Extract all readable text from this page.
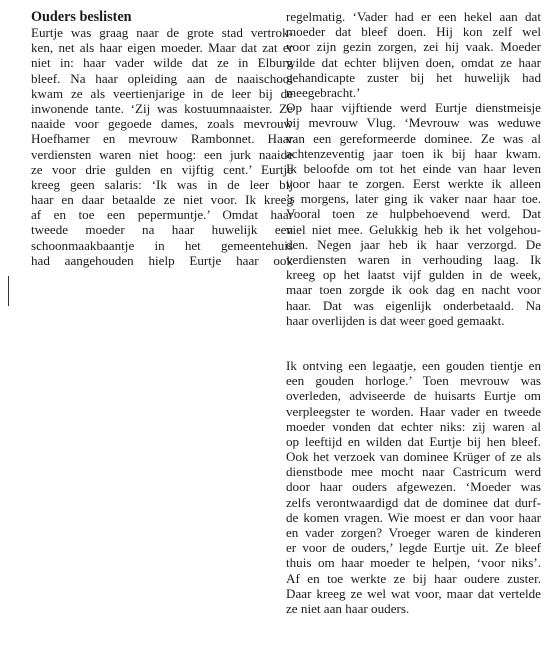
Ouders beslisten
Eurtje was graag naar de grote stad vertrok-
ken, net als haar eigen moeder. Maar dat zat er
niet in: haar vader wilde dat ze in Elburg
bleef. Na haar opleiding aan de naaischool
kwam ze als veertienjarige in de leer bij de
inwonende tante. ‘Zij was kostuumnaaister. Ze
naaide voor gegoede dames, zoals mevrouw
Hoefhamer en mevrouw Rambonnet. Haar
verdiensten waren niet hoog: een jurk naaide
ze voor drie gulden en vijftig cent.’ Eurtje
kreeg geen salaris: ‘Ik was in de leer bij
haar en daar betaalde ze niet voor. Ik kreeg
af en toe een pepermuntje.’ Omdat haar
tweede moeder na haar huwelijk een
schoonmaakbaantje in het gemeentehuis
had aangehouden hielp Eurtje haar ook
regelmatig. ‘Vader had er een hekel aan dat
moeder dat bleef doen. Hij kon zelf wel
voor zijn gezin zorgen, zei hij vaak. Moeder
wilde dat echter blijven doen, omdat ze haar
gehandicapte zuster bij het huwelijk had
meegebracht.’
Op haar vijftiende werd Eurtje dienstmeisje
bij mevrouw Vlug. ‘Mevrouw was weduwe
van een gereformeerde dominee. Ze was al
achtenzeventig jaar toen ik bij haar kwam.
Ik beloofde om tot het einde van haar leven
voor haar te zorgen. Eerst werkte ik alleen
’s morgens, later ging ik vaker naar haar toe.
Vooral toen ze hulpbehoevend werd. Dat
viel niet mee. Gelukkig heb ik het volgehou-
den. Negen jaar heb ik haar verzorgd. De
verdiensten waren in verhouding laag. Ik
kreeg op het laatst vijf gulden in de week,
maar toen zorgde ik ook dag en nacht voor
haar. Dat was eigenlijk onderbetaald. Na
haar overlijden is dat weer goed gemaakt.
Ik ontving een legaatje, een gouden tientje en
een gouden horloge.’ Toen mevrouw was
overleden, adviseerde de huisarts Eurtje om
verpleegster te worden. Haar vader en tweede
moeder vonden dat echter niks: zij waren al
op leeftijd en wilden dat Eurtje bij hen bleef.
Ook het verzoek van dominee Krüger of ze als
dienstbode mee mocht naar Castricum werd
door haar ouders afgewezen. ‘Moeder was
zelfs verontwaardigd dat de dominee dat durf-
de komen vragen. Wie moest er dan voor haar
en vader zorgen? Vroeger waren de kinderen
er voor de ouders,’ legde Eurtje uit. Ze bleef
thuis om haar moeder te helpen, ‘voor niks’.
Af en toe werkte ze bij haar oudere zuster.
Daar kreeg ze wel wat voor, maar dat vertelde
ze niet aan haar ouders.
